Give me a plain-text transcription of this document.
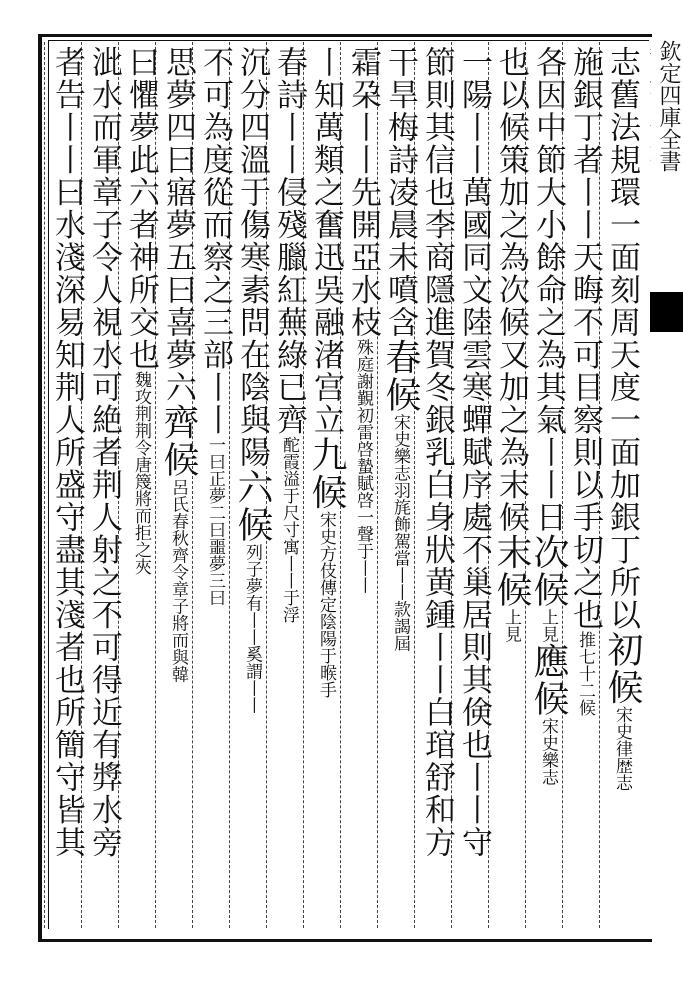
欽定四庫全書
志舊法規環一面刻周天度一面加銀丁所以初候宋史律歴志
施銀丁者丨丨天晦不可目察則以手切之也推七十二候
各因中節大小餘命之為其氣丨丨日次候上見應候宋史樂志
也以候策加之為次候又加之為末候末候上見
一陽丨丨萬國同文陸雲寒蟬賦序處不巢居則其倹也丨丨守
節則其信也李商隱進賀冬銀乳白身狀黄鍾丨丨白琯舒和方
干旱梅詩凌晨未噴含春候宋史樂志羽旄飾駕當丨丨款謁屆
霜朶丨丨先開亞水枝殊庭謝覲初雷啓蟄賦啓一聲于丨丨
丨知萬類之奮迅吳融渚宫立九候宋史方伎傳定陰陽于㬋手
春詩丨丨侵殘臘紅蕪綠已齊酡霞溢于尺寸寓丨丨于浮
沉分四溫于傷寒素問在陰與陽六候列子夢有丨丨奚謂丨丨
不可為度從而察之三部丨丨一曰正夢二曰噩夢三曰
思夢四曰寤夢五曰喜夢六齊候呂氏春秋齊令章子將而與韓
曰懼夢此六者神所交也魏攻荆荆令唐篾將而拒之夾
泚水而軍章子令人視水可絶者荆人射之不可得近有㢡水旁
者告丨丨曰水淺深易知荆人所盛守盡其淺者也所簡守皆其
